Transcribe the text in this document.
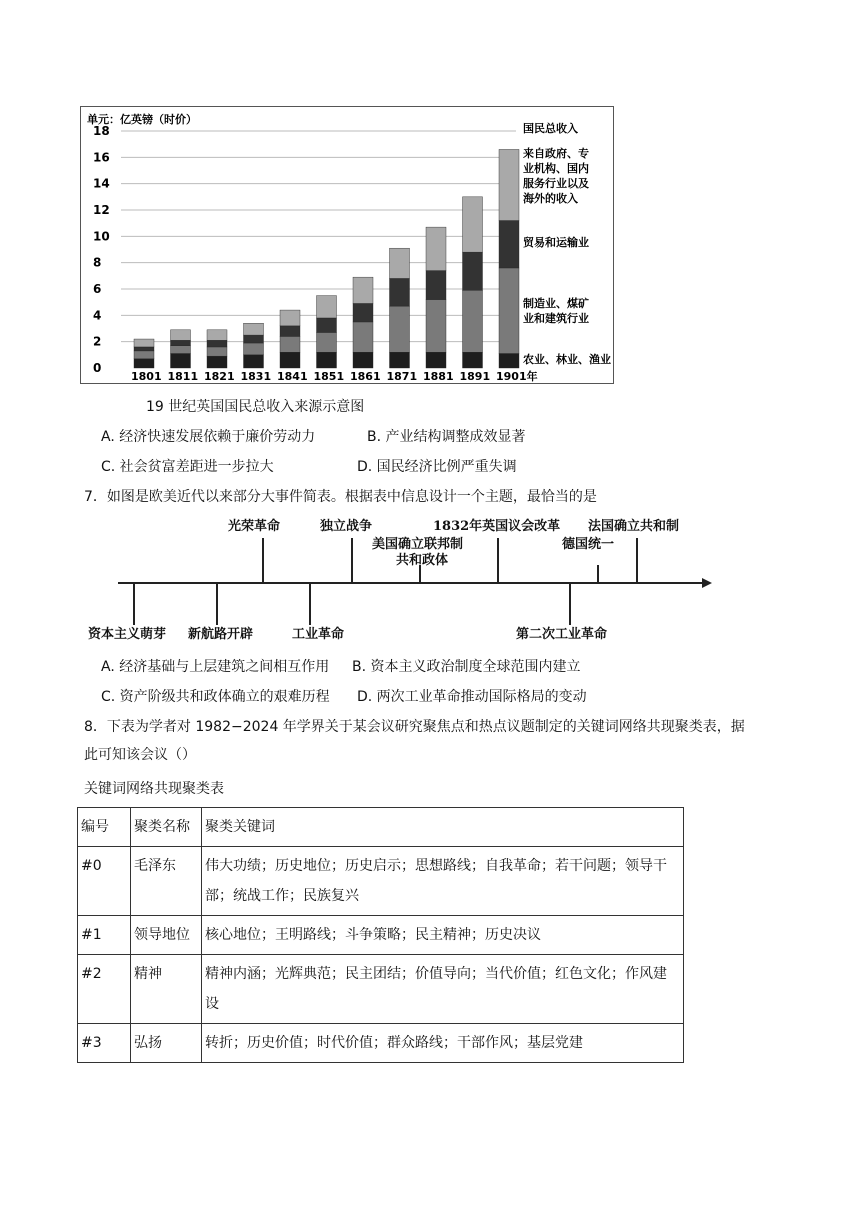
单元：亿英镑（时价）
0
2
4
6
8
10
12
14
16
18
1801 1811 1821 1831 1841 1851 1861 1871 1881 1891 1901年
国民总收入
农业、林业、渔业
制造业、煤矿
业和建筑行业
贸易和运输业
来自政府、专
业机构、国内
服务行业以及
海外的收入
19 世纪英国国民总收入来源示意图
A. 经济快速发展依赖于廉价劳动力	B. 产业结构调整成效显著
C. 社会贫富差距进一步拉大	D. 国民经济比例严重失调
7．如图是欧美近代以来部分大事件简表。根据表中信息设计一个主题，最恰当的是
光荣革命	独立战争
美国确立联邦制
共和政体
1832年英国议会改革 法国确立共和制
德国统一
资本主义萌芽 新航路开辟	工业革命	第二次工业革命
A. 经济基础与上层建筑之间相互作用 B. 资本主义政治制度全球范围内建立
C. 资产阶级共和政体确立的艰难历程 D. 两次工业革命推动国际格局的变动
8．下表为学者对 1982−2024 年学界关于某会议研究聚焦点和热点议题制定的关键词网络共现聚类表，据
此可知该会议（）
关键词网络共现聚类表
编号	聚类名称	聚类关键词
#0	毛泽东	伟大功绩；历史地位；历史启示；思想路线；自我革命；若干问题；领导干部；统战工作；民族复兴
#1	领导地位	核心地位；王明路线；斗争策略；民主精神；历史决议
#2	精神	精神内涵；光辉典范；民主团结；价值导向；当代价值；红色文化；作风建设
#3	弘扬	转折；历史价值；时代价值；群众路线；干部作风；基层党建
